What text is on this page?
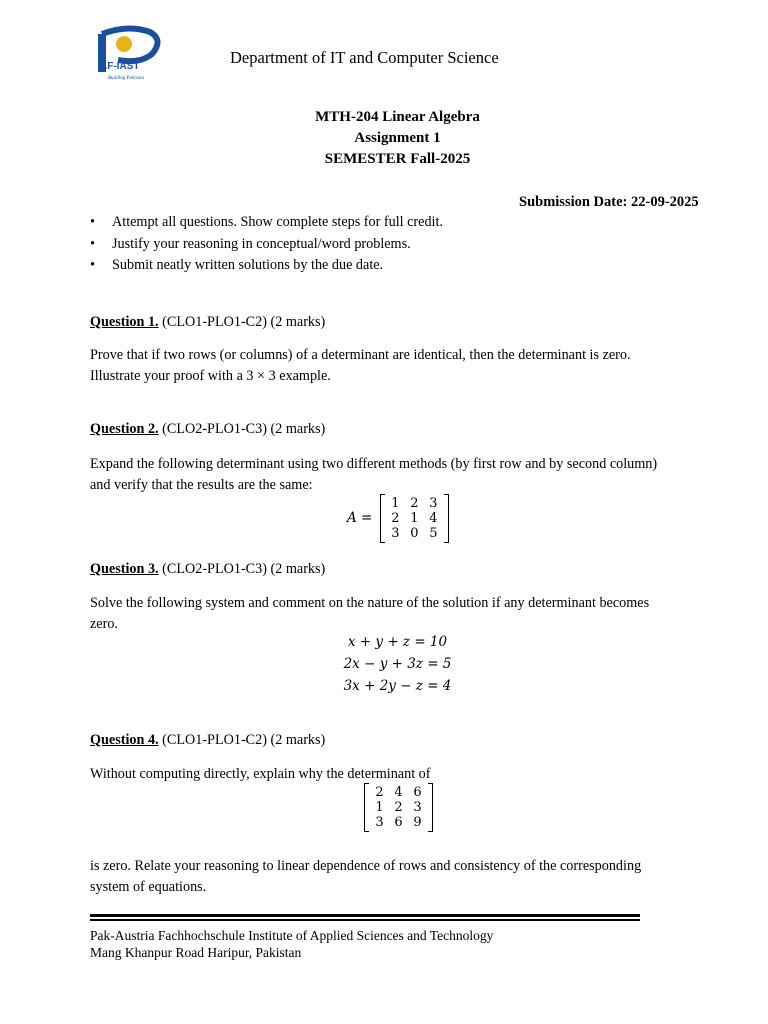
AF-IAST
Building Pakistan
Department of IT and Computer Science
MTH-204 Linear Algebra
Assignment 1
SEMESTER Fall-2025
Submission Date: 22-09-2025
• Attempt all questions. Show complete steps for full credit.
• Justify your reasoning in conceptual/word problems.
• Submit neatly written solutions by the due date.
Question 1. (CLO1-PLO1-C2) (2 marks)
Prove that if two rows (or columns) of a determinant are identical, then the determinant is zero.
Illustrate your proof with a 3 × 3 example.
Question 2. (CLO2-PLO1-C3) (2 marks)
Expand the following determinant using two different methods (by first row and by second column)
and verify that the results are the same:
A =
1 2 3
2 1 4
3 0 5
Question 3. (CLO2-PLO1-C3) (2 marks)
Solve the following system and comment on the nature of the solution if any determinant becomes
zero.
x + y + z = 10
2x − y + 3z = 5
3x + 2y − z = 4
Question 4. (CLO1-PLO1-C2) (2 marks)
Without computing directly, explain why the determinant of
2 4 6
1 2 3
3 6 9
is zero. Relate your reasoning to linear dependence of rows and consistency of the corresponding
system of equations.
Pak-Austria Fachhochschule Institute of Applied Sciences and Technology
Mang Khanpur Road Haripur, Pakistan
